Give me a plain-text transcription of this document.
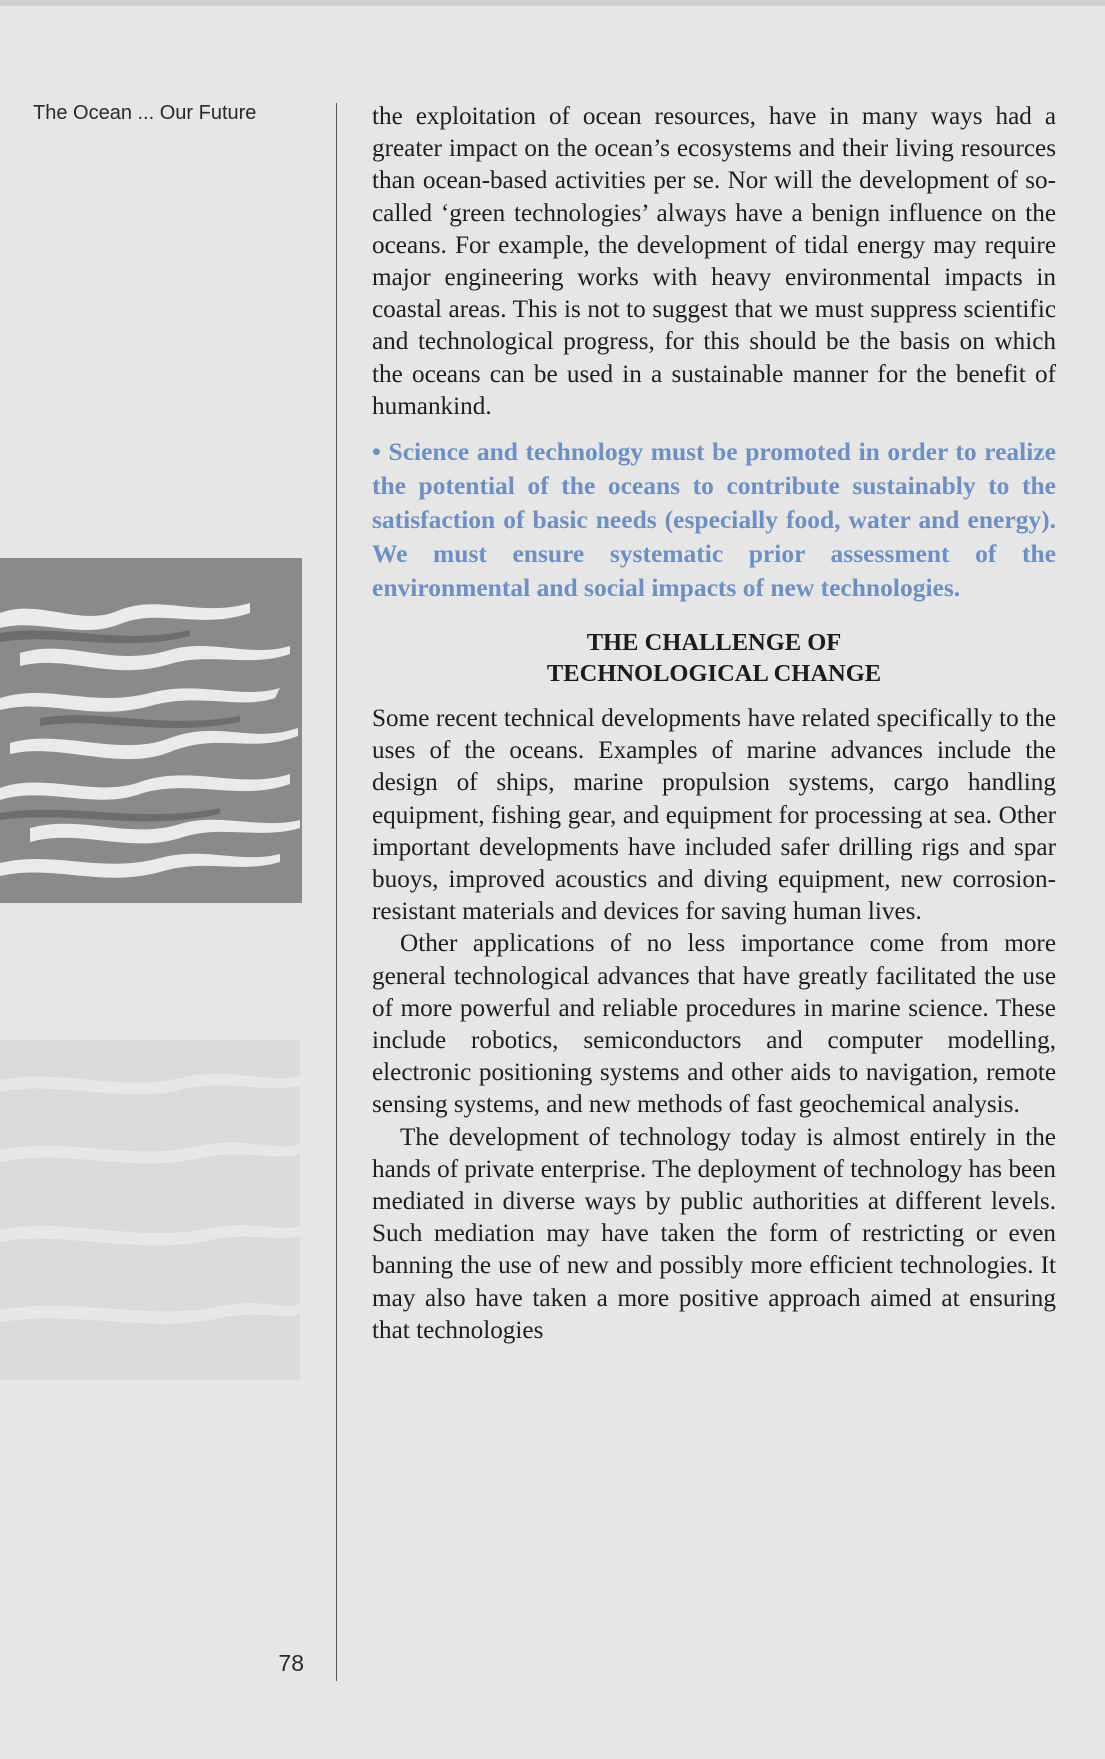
The Ocean ... Our Future	the exploitation of ocean resources, have in many ways had a greater impact on the ocean’s ecosystems and their living resources than ocean-based activities per se. Nor will the development of so-called ‘green technologies’ always have a benign influence on the oceans. For example, the development of tidal energy may require major engineering works with heavy environmental impacts in coastal areas. This is not to suggest that we must suppress scientific and technological progress, for this should be the basis on which the oceans can be used in a sustainable manner for the benefit of humankind.

• Science and technology must be promoted in order to realize the potential of the oceans to contribute sustainably to the satisfaction of basic needs (especially food, water and energy). We must ensure systematic prior assessment of the environmental and social impacts of new technologies.

THE CHALLENGE OF
TECHNOLOGICAL CHANGE

Some recent technical developments have related specifically to the uses of the oceans. Examples of marine advances include the design of ships, marine propulsion systems, cargo handling equipment, fishing gear, and equipment for processing at sea. Other important developments have included safer drilling rigs and spar buoys, improved acoustics and diving equipment, new corrosion-resistant materials and devices for saving human lives.

Other applications of no less importance come from more general technological advances that have greatly facilitated the use of more powerful and reliable procedures in marine science. These include robotics, semiconductors and computer modelling, electronic positioning systems and other aids to navigation, remote sensing systems, and new methods of fast geochemical analysis.

The development of technology today is almost entirely in the hands of private enterprise. The deployment of technology has been mediated in diverse ways by public authorities at different levels. Such mediation may have taken the form of restricting or even banning the use of new and possibly more efficient technologies. It may also have taken a more positive approach aimed at ensuring that technologies

78
